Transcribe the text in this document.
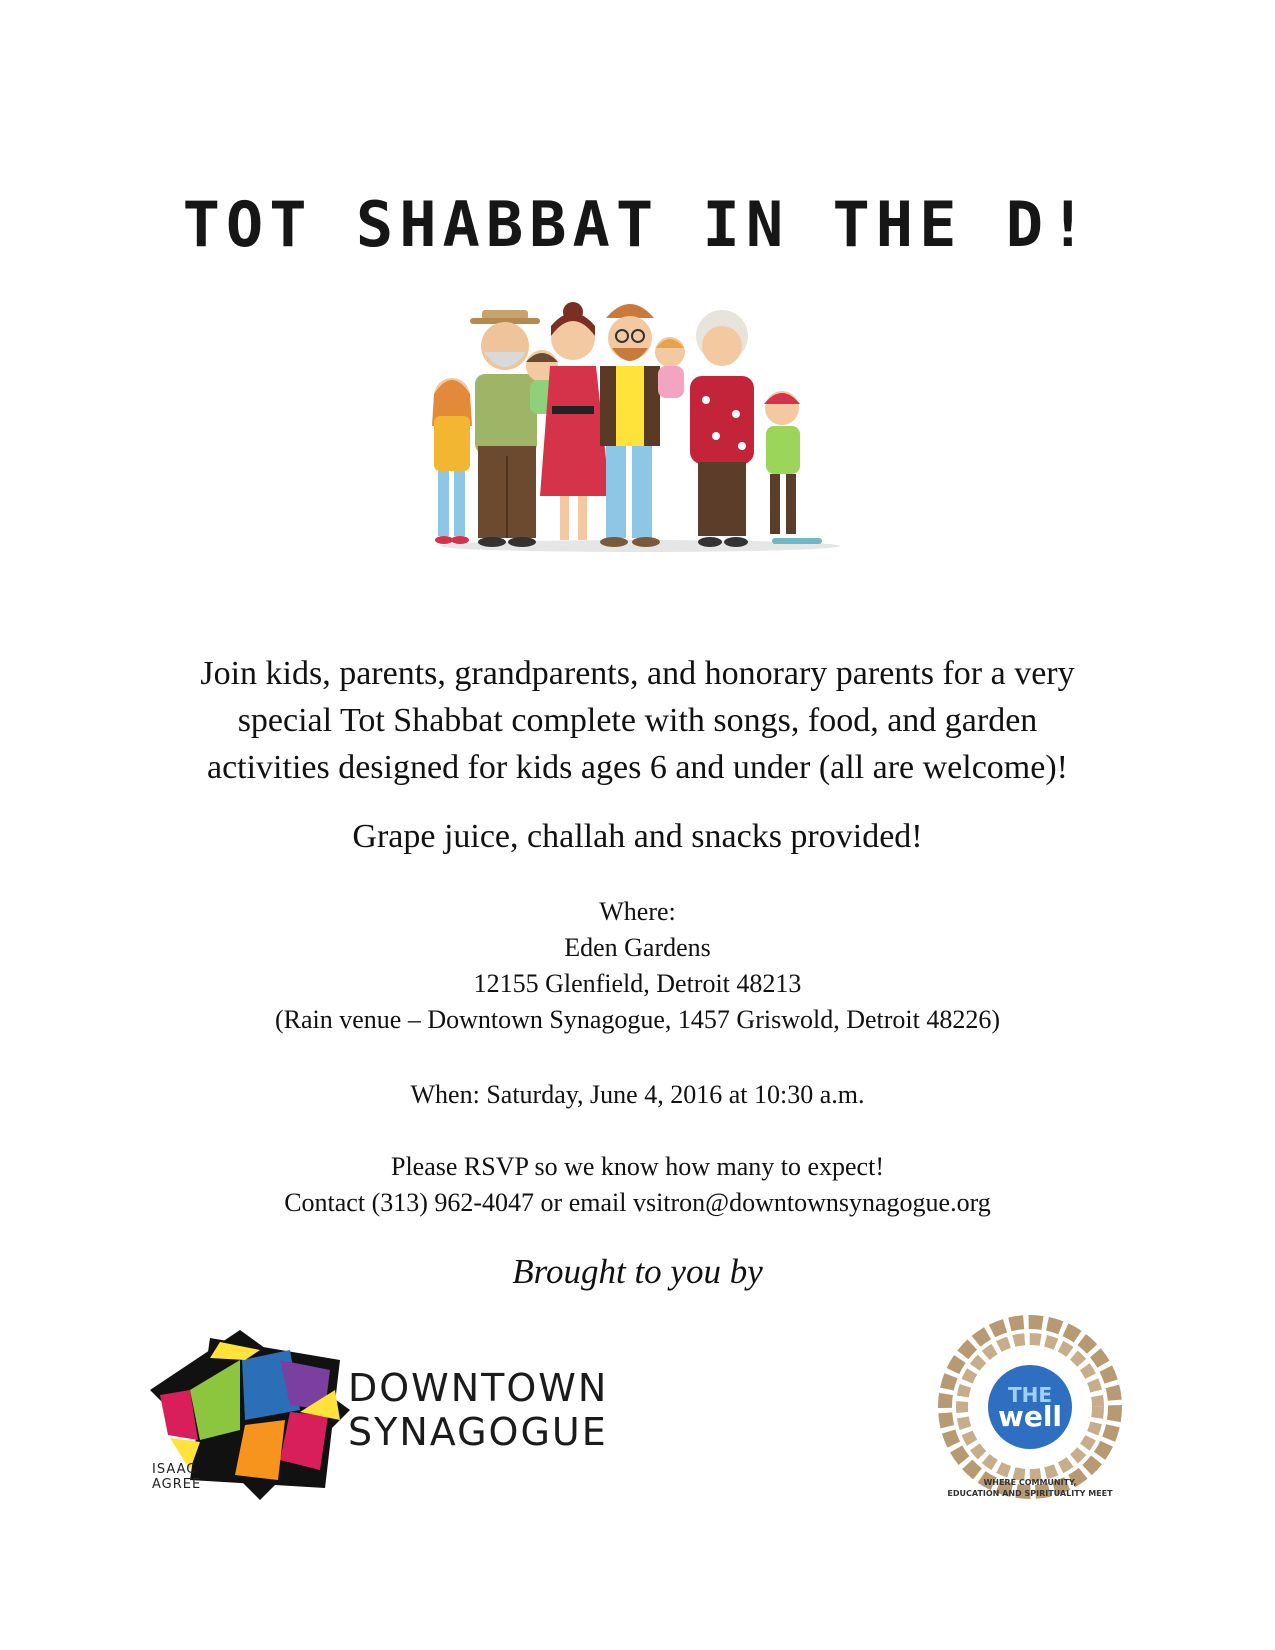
TOT SHABBAT IN THE D!
Join kids, parents, grandparents, and honorary parents for a very
special Tot Shabbat complete with songs, food, and garden
activities designed for kids ages 6 and under (all are welcome)!
Grape juice, challah and snacks provided!
Where:
Eden Gardens
12155 Glenfield, Detroit 48213
(Rain venue – Downtown Synagogue, 1457 Griswold, Detroit 48226)
When: Saturday, June 4, 2016 at 10:30 a.m.
Please RSVP so we know how many to expect!
Contact (313) 962-4047 or email vsitron@downtownsynagogue.org
Brought to you by
DOWNTOWN
SYNAGOGUE
ISAAC
AGREE
THE
well
WHERE COMMUNITY,
EDUCATION AND SPIRITUALITY MEET
